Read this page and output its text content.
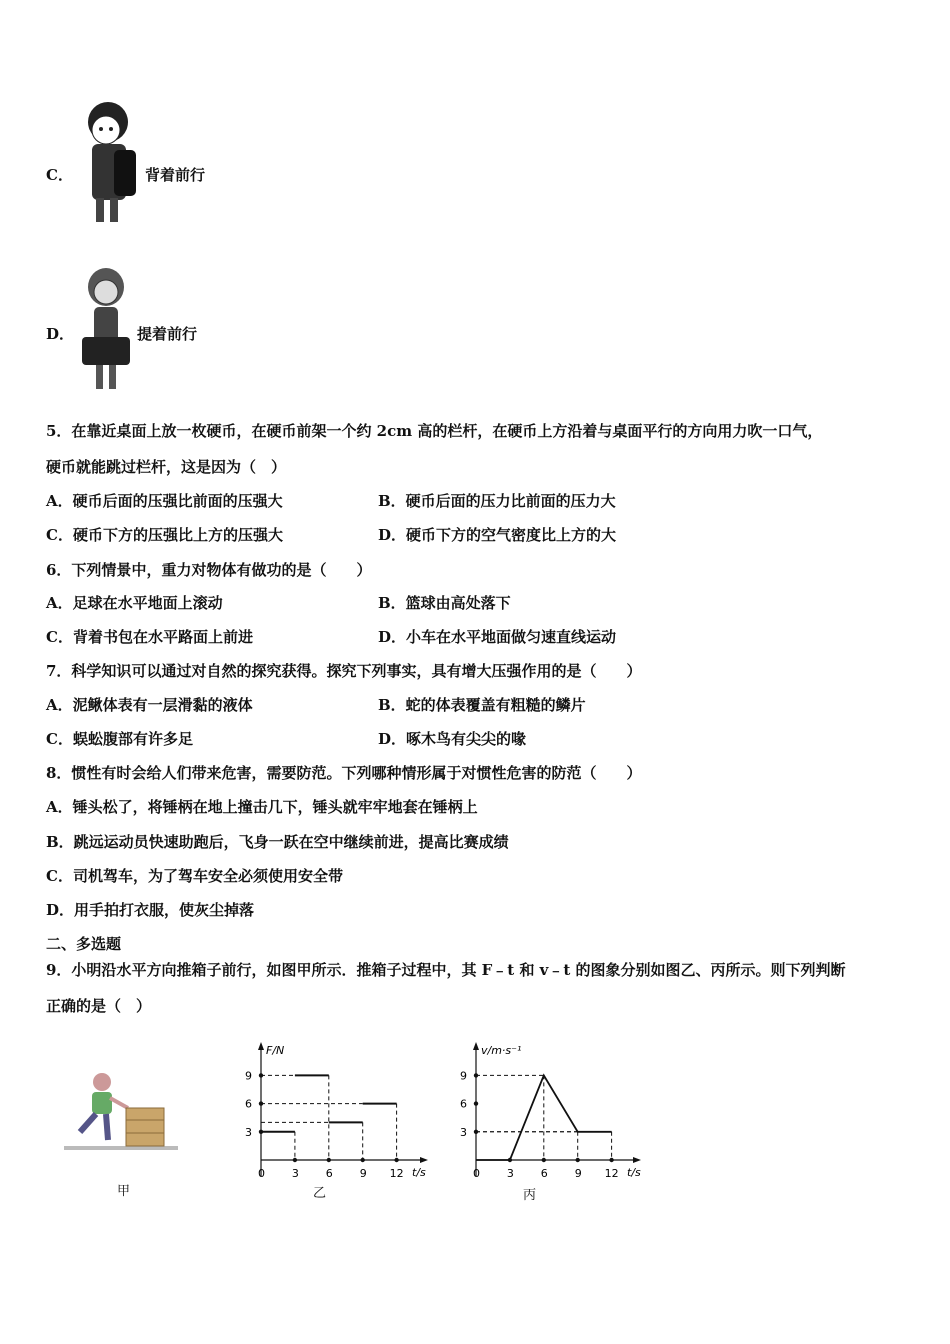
C．	背着前行
D．	提着前行
5．在靠近桌面上放一枚硬币，在硬币前架一个约 2cm 高的栏杆，在硬币上方沿着与桌面平行的方向用力吹一口气，
硬币就能跳过栏杆，这是因为（　）
A．硬币后面的压强比前面的压强大	B．硬币后面的压力比前面的压力大
C．硬币下方的压强比上方的压强大	D．硬币下方的空气密度比上方的大
6．下列情景中，重力对物体有做功的是（　　）
A．足球在水平地面上滚动	B．篮球由高处落下
C．背着书包在水平路面上前进	D．小车在水平地面做匀速直线运动
7．科学知识可以通过对自然的探究获得。探究下列事实，具有增大压强作用的是（　　）
A．泥鳅体表有一层滑黏的液体	B．蛇的体表覆盖有粗糙的鳞片
C．蜈蚣腹部有许多足	D．啄木鸟有尖尖的喙
8．惯性有时会给人们带来危害，需要防范。下列哪种情形属于对惯性危害的防范（　　）
A．锤头松了，将锤柄在地上撞击几下，锤头就牢牢地套在锤柄上
B．跳远运动员快速助跑后，飞身一跃在空中继续前进，提高比赛成绩
C．司机驾车，为了驾车安全必须使用安全带
D．用手拍打衣服，使灰尘掉落
二、多选题
9．小明沿水平方向推箱子前行，如图甲所示．推箱子过程中，其 F﹣t 和 v﹣t 的图象分别如图乙、丙所示。则下列判断
正确的是（　）
甲
F/N
t/s
0 3 6 9 12
3
6
9
乙
v/m·s⁻¹
t/s
0 3 6 9 12
3
6
9
丙
